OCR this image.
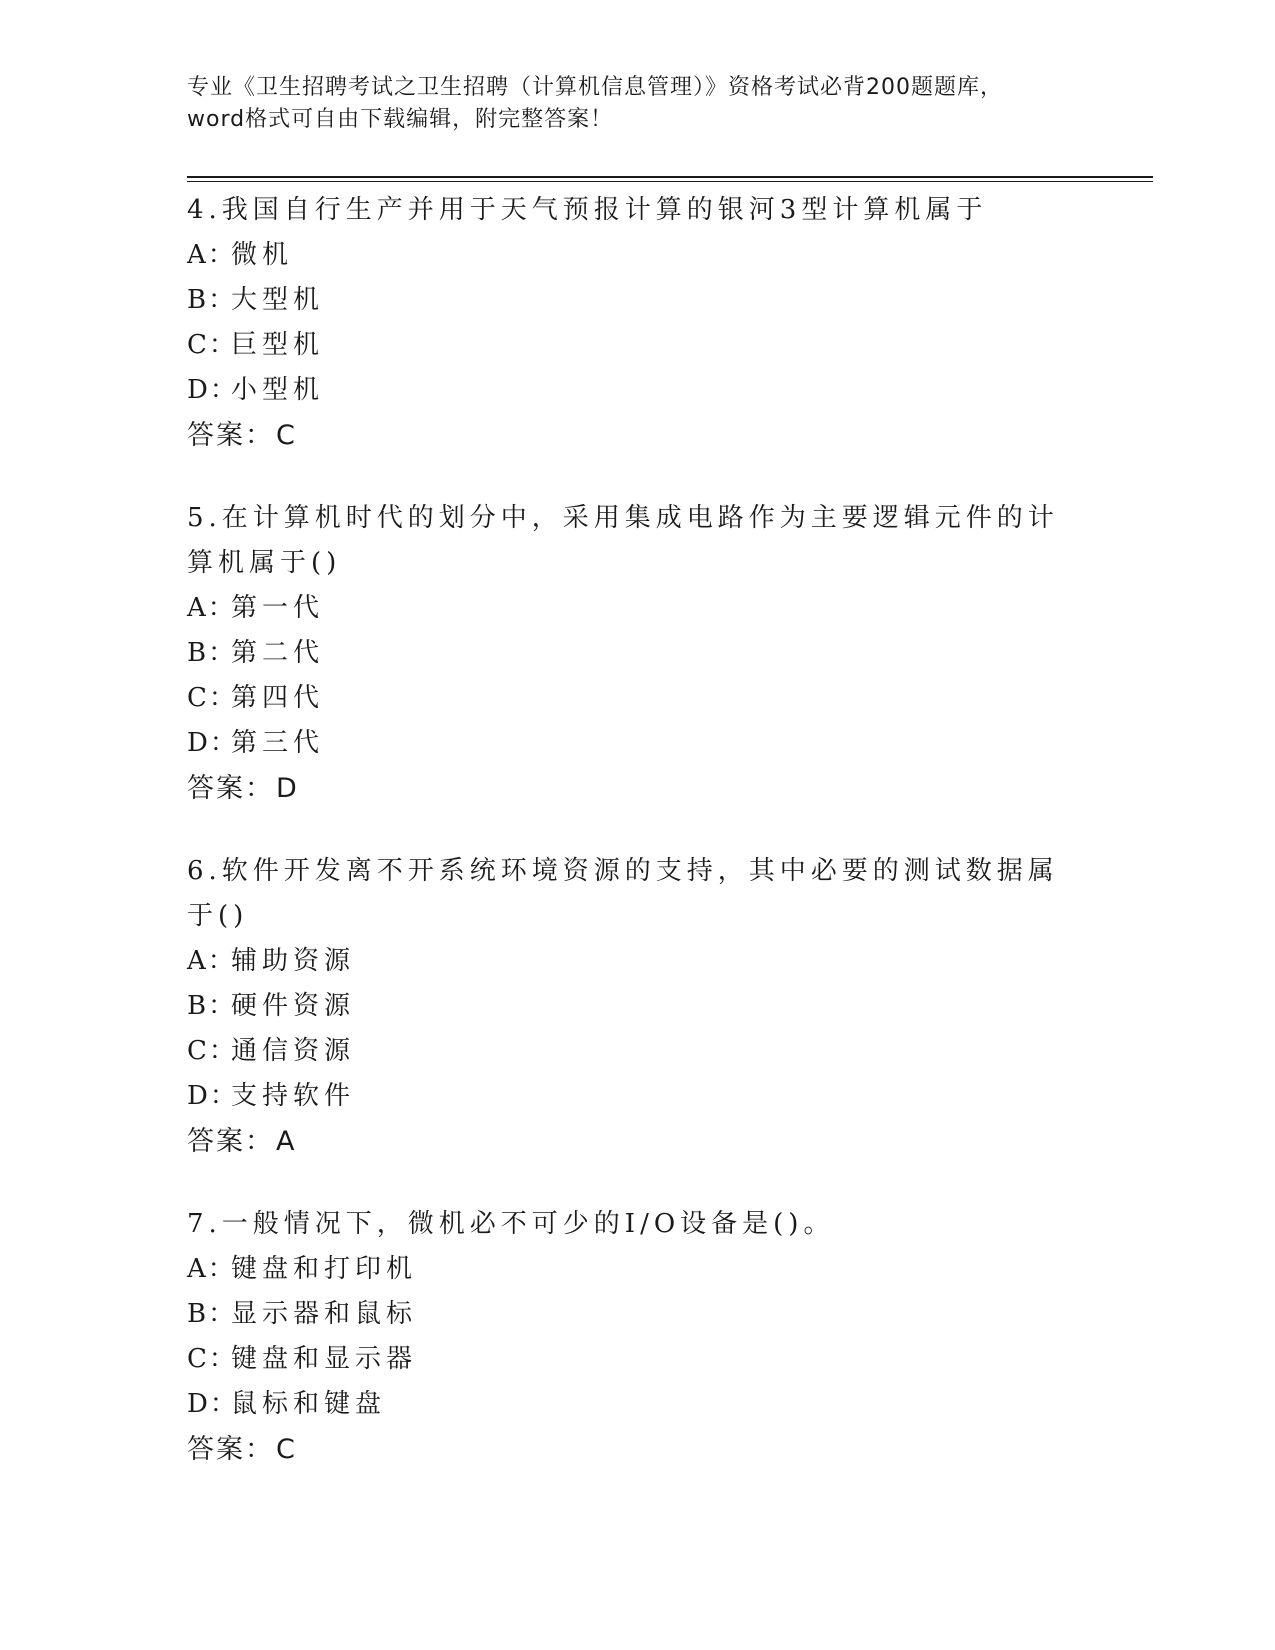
专业《卫生招聘考试之卫生招聘（计算机信息管理）》资格考试必背200题题库，
word格式可自由下载编辑，附完整答案！
4.我国自行生产并用于天气预报计算的银河3型计算机属于
A：微机
B：大型机
C：巨型机
D：小型机
答案：C
5.在计算机时代的划分中，采用集成电路作为主要逻辑元件的计算机属于()
A：第一代
B：第二代
C：第四代
D：第三代
答案：D
6.软件开发离不开系统环境资源的支持，其中必要的测试数据属于()
A：辅助资源
B：硬件资源
C：通信资源
D：支持软件
答案：A
7.一般情况下，微机必不可少的I/O设备是()。
A：键盘和打印机
B：显示器和鼠标
C：键盘和显示器
D：鼠标和键盘
答案：C
